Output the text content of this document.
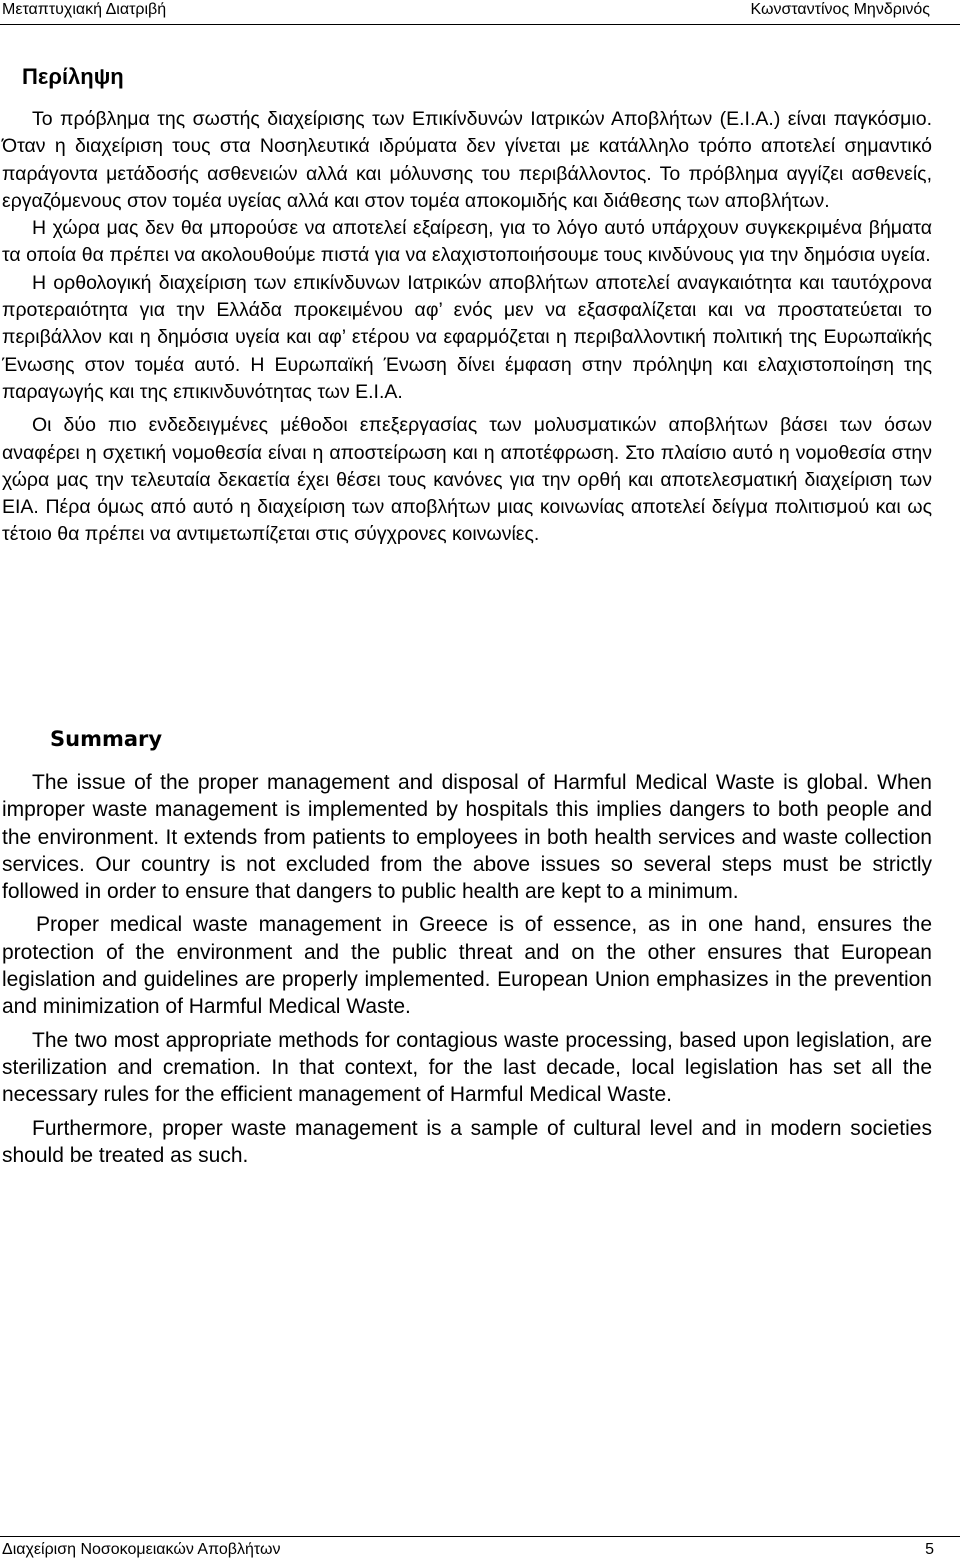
Μεταπτυχιακή Διατριβή	Κωνσταντίνος Μηνδρινός
Περίληψη

Το πρόβλημα της σωστής διαχείρισης των Επικίνδυνών Ιατρικών Αποβλήτων (Ε.Ι.Α.) είναι παγκόσμιο. Όταν η διαχείριση τους στα Νοσηλευτικά ιδρύματα δεν γίνεται με κατάλληλο τρόπο αποτελεί σημαντικό παράγοντα μετάδοσής ασθενειών αλλά και μόλυνσης του περιβάλλοντος. Το πρόβλημα αγγίζει ασθενείς, εργαζόμενους στον τομέα υγείας αλλά και στον τομέα αποκομιδής και διάθεσης των αποβλήτων.

Η χώρα μας δεν θα μπορούσε να αποτελεί εξαίρεση, για το λόγο αυτό υπάρχουν συγκεκριμένα βήματα τα οποία θα πρέπει να ακολουθούμε πιστά για να ελαχιστοποιήσουμε τους κινδύνους για την δημόσια υγεία.

Η ορθολογική διαχείριση των επικίνδυνων Ιατρικών αποβλήτων αποτελεί αναγκαιότητα και ταυτόχρονα προτεραιότητα για την Ελλάδα προκειμένου αφ’ ενός μεν να εξασφαλίζεται και να προστατεύεται το περιβάλλον και η δημόσια υγεία και αφ’ ετέρου να εφαρμόζεται η περιβαλλοντική πολιτική της Ευρωπαϊκής Ένωσης στον τομέα αυτό. Η Ευρωπαϊκή Ένωση δίνει έμφαση στην πρόληψη και ελαχιστοποίηση της παραγωγής και της επικινδυνότητας των Ε.Ι.Α.

Οι δύο πιο ενδεδειγμένες μέθοδοι επεξεργασίας των μολυσματικών αποβλήτων βάσει των όσων αναφέρει η σχετική νομοθεσία είναι η αποστείρωση και η αποτέφρωση. Στο πλαίσιο αυτό η νομοθεσία στην χώρα μας την τελευταία δεκαετία έχει θέσει τους κανόνες για την ορθή και αποτελεσματική διαχείριση των ΕΙΑ. Πέρα όμως από αυτό η διαχείριση των αποβλήτων μιας κοινωνίας αποτελεί δείγμα πολιτισμού και ως τέτοιο θα πρέπει να αντιμετωπίζεται στις σύγχρονες κοινωνίες.

Summary

The issue of the proper management and disposal of Harmful Medical Waste is global. When improper waste management is implemented by hospitals this implies dangers to both people and the environment. It extends from patients to employees in both health services and waste collection services. Our country is not excluded from the above issues so several steps must be strictly followed in order to ensure that dangers to public health are kept to a minimum.

Proper medical waste management in Greece is of essence, as in one hand, ensures the protection of the environment and the public threat and on the other ensures that European legislation and guidelines are properly implemented. European Union emphasizes in the prevention and minimization of Harmful Medical Waste.

The two most appropriate methods for contagious waste processing, based upon legislation, are sterilization and cremation. In that context, for the last decade, local legislation has set all the necessary rules for the efficient management of Harmful Medical Waste.

Furthermore, proper waste management is a sample of cultural level and in modern societies should be treated as such.

Διαχείριση Νοσοκομειακών Αποβλήτων	5
